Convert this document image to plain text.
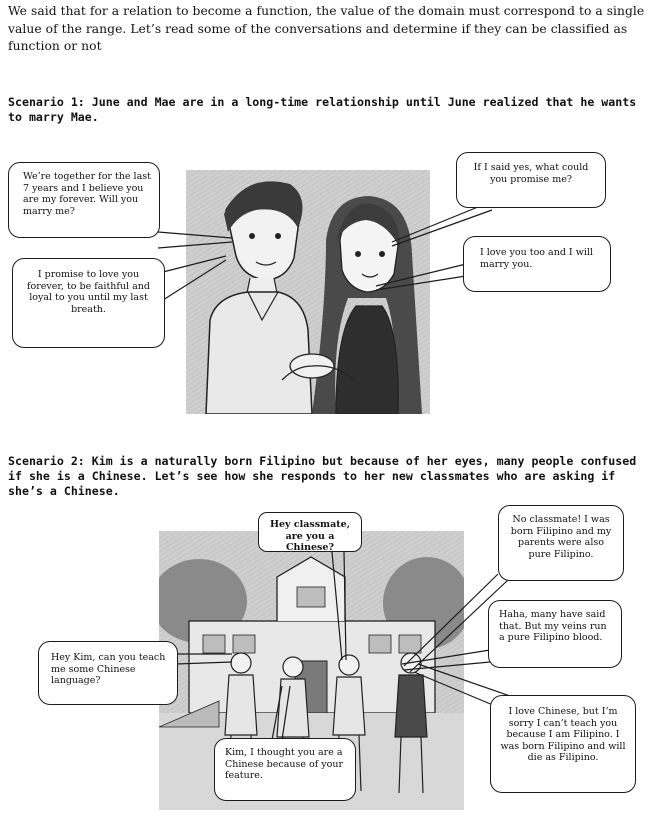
We said that for a relation to become a function, the value of the domain must correspond to a single value of the range. Let’s read some of the conversations and determine if they can be classified as function or not
Scenario 1: June and Mae are in a long-time relationship until June realized that he wants to marry Mae.
We’re together for the last 7 years and I believe you are my forever. Will you marry me?
I promise to love you forever, to be faithful and loyal to you until my last breath.
If I said yes, what could you promise me?
I love you too and I will marry you.
Scenario 2: Kim is a naturally born Filipino but because of her eyes, many people confused if she is a Chinese. Let’s see how she responds to her new classmates who are asking if she’s a Chinese.
Hey classmate, are you a Chinese?
No classmate! I was born Filipino and my parents were also pure Filipino.
Haha, many have said that. But my veins run a pure Filipino blood.
Hey Kim, can you teach me some Chinese language?
I love Chinese, but I’m sorry I can’t teach you because I am Filipino. I was born Filipino and will die as Filipino.
Kim, I thought you are a Chinese because of your feature.
